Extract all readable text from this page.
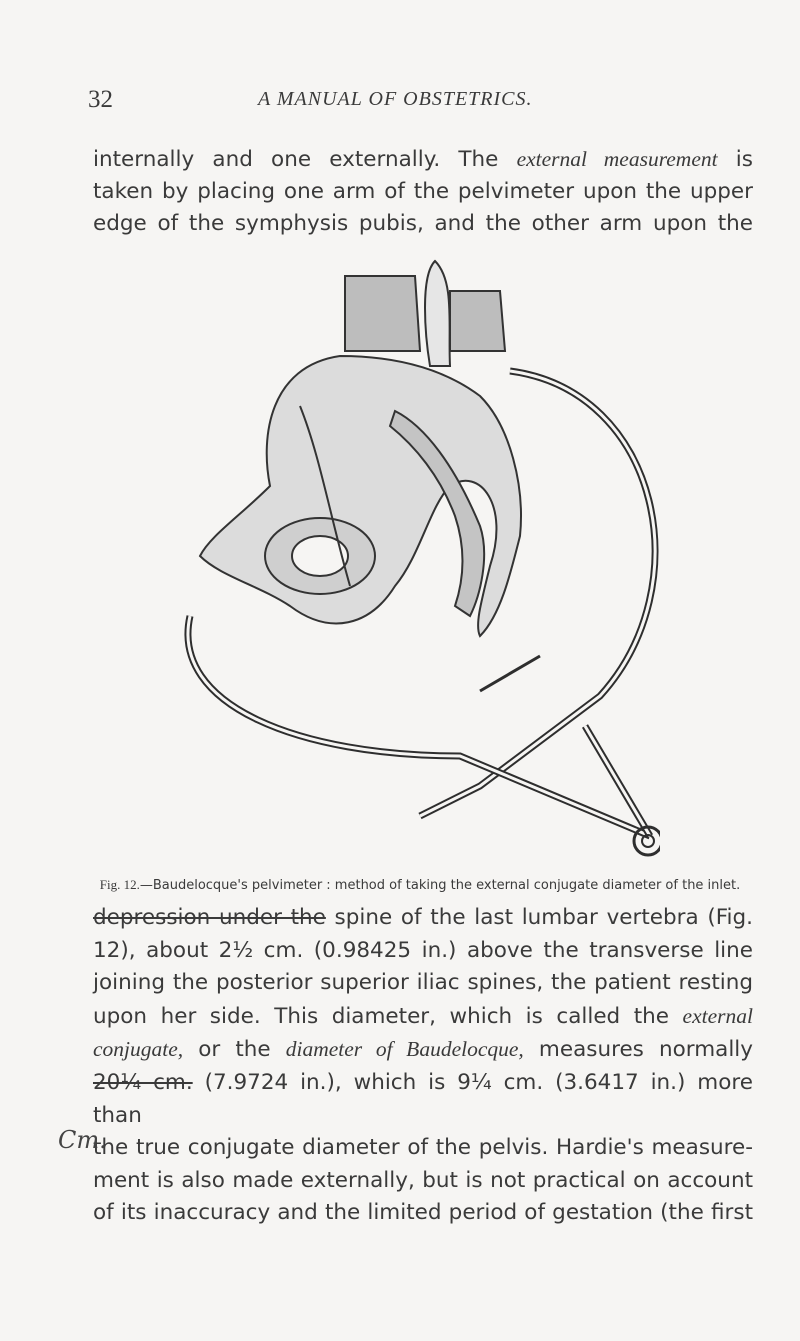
32	A MANUAL OF OBSTETRICS.
internally and one externally. The external measurement is
taken by placing one arm of the pelvimeter upon the upper
edge of the symphysis pubis, and the other arm upon the
Fig. 12.—Baudelocque's pelvimeter : method of taking the external conjugate diameter of the inlet.
depression under the spine of the last lumbar vertebra (Fig.
12), about 2½ cm. (0.98425 in.) above the transverse line
joining the posterior superior iliac spines, the patient resting
upon her side. This diameter, which is called the external
conjugate, or the diameter of Baudelocque, measures normally
20¼ cm. (7.9724 in.), which is 9¼ cm. (3.6417 in.) more than
the true conjugate diameter of the pelvis. Hardie's measure-
ment is also made externally, but is not practical on account
of its inaccuracy and the limited period of gestation (the first
Cm.
